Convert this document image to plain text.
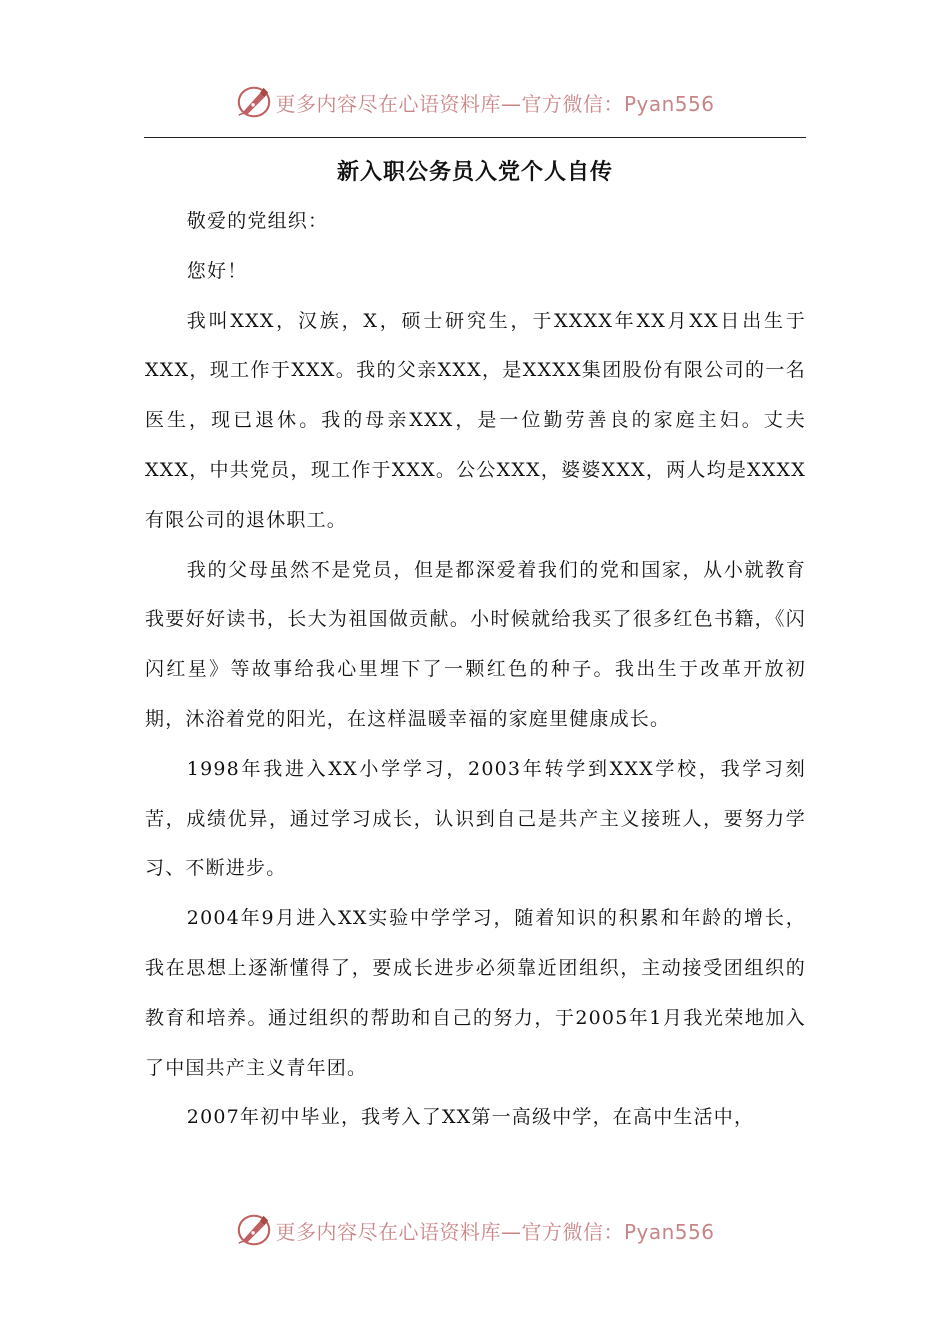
更多内容尽在心语资料库—官方微信：Pyan556
新入职公务员入党个人自传

敬爱的党组织：

您好！

我叫XXX，汉族，X，硕士研究生，于XXXX年XX月XX日出生于XXX，现工作于XXX。我的父亲XXX，是XXXX集团股份有限公司的一名医生，现已退休。我的母亲XXX，是一位勤劳善良的家庭主妇。丈夫XXX，中共党员，现工作于XXX。公公XXX，婆婆XXX，两人均是XXXX有限公司的退休职工。

我的父母虽然不是党员，但是都深爱着我们的党和国家，从小就教育我要好好读书，长大为祖国做贡献。小时候就给我买了很多红色书籍，《闪闪红星》等故事给我心里埋下了一颗红色的种子。我出生于改革开放初期，沐浴着党的阳光，在这样温暖幸福的家庭里健康成长。

1998年我进入XX小学学习，2003年转学到XXX学校，我学习刻苦，成绩优异，通过学习成长，认识到自己是共产主义接班人，要努力学习、不断进步。

2004年9月进入XX实验中学学习，随着知识的积累和年龄的增长，我在思想上逐渐懂得了，要成长进步必须靠近团组织，主动接受团组织的教育和培养。通过组织的帮助和自己的努力，于2005年1月我光荣地加入了中国共产主义青年团。

2007年初中毕业，我考入了XX第一高级中学，在高中生活中，

更多内容尽在心语资料库—官方微信：Pyan556
